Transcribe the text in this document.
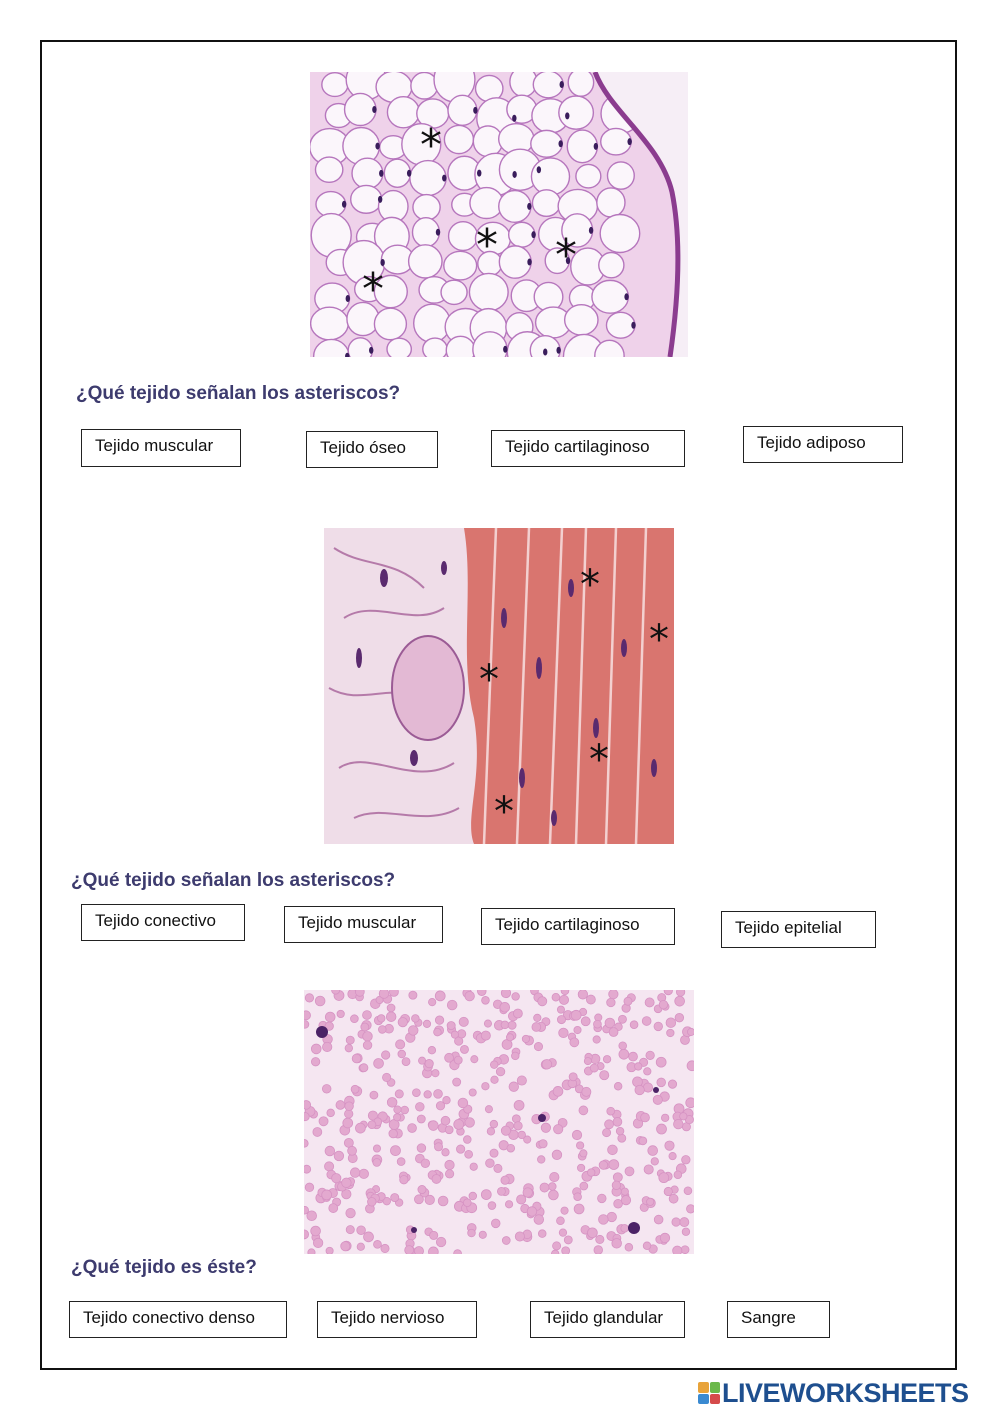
*
* *
*
¿Qué tejido señalan los asteriscos?
Tejido muscular	Tejido óseo	Tejido cartilaginoso	Tejido adiposo
*
*
*
*
*
¿Qué tejido señalan los asteriscos?
Tejido conectivo	Tejido muscular	Tejido cartilaginoso	Tejido epitelial
¿Qué tejido es éste?
Tejido conectivo denso	Tejido nervioso	Tejido glandular	Sangre
LIVEWORKSHEETS
